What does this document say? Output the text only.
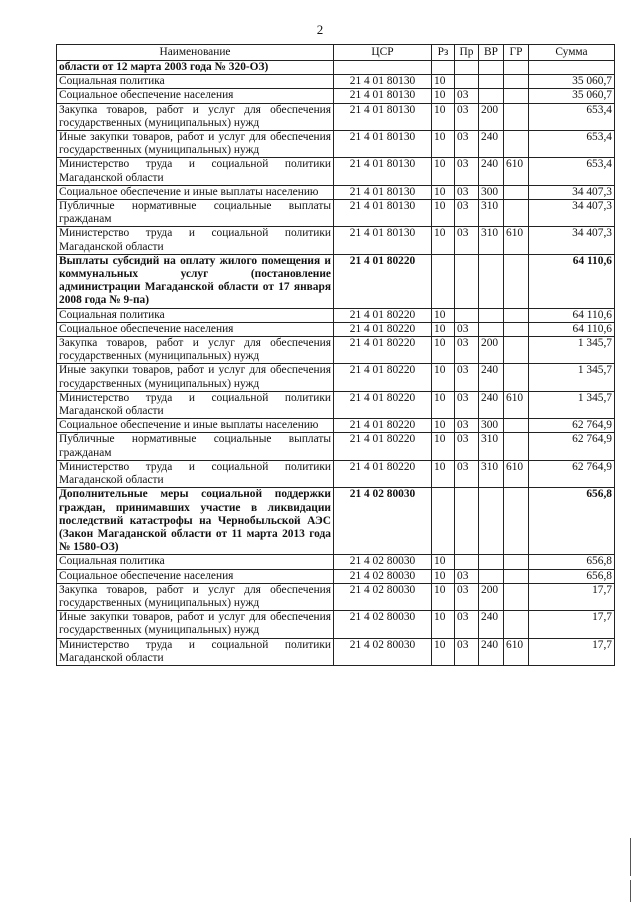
2
Наименование	ЦСР	Рз	Пр	ВР	ГР	Сумма
области от 12 марта 2003 года № 320-ОЗ)						
Социальная политика	21 4 01 80130	10				35 060,7
Социальное обеспечение населения	21 4 01 80130	10	03			35 060,7
Закупка товаров, работ и услуг для обеспечения государственных (муниципальных) нужд	21 4 01 80130	10	03	200		653,4
Иные закупки товаров, работ и услуг для обеспечения государственных (муниципальных) нужд	21 4 01 80130	10	03	240		653,4
Министерство труда и социальной политики Магаданской области	21 4 01 80130	10	03	240	610	653,4
Социальное обеспечение и иные выплаты населению	21 4 01 80130	10	03	300		34 407,3
Публичные нормативные социальные выплаты гражданам	21 4 01 80130	10	03	310		34 407,3
Министерство труда и социальной политики Магаданской области	21 4 01 80130	10	03	310	610	34 407,3
Выплаты субсидий на оплату жилого помещения и коммунальных услуг (постановление администрации Магаданской области от 17 января 2008 года № 9-па)	21 4 01 80220					64 110,6
Социальная политика	21 4 01 80220	10				64 110,6
Социальное обеспечение населения	21 4 01 80220	10	03			64 110,6
Закупка товаров, работ и услуг для обеспечения государственных (муниципальных) нужд	21 4 01 80220	10	03	200		1 345,7
Иные закупки товаров, работ и услуг для обеспечения государственных (муниципальных) нужд	21 4 01 80220	10	03	240		1 345,7
Министерство труда и социальной политики Магаданской области	21 4 01 80220	10	03	240	610	1 345,7
Социальное обеспечение и иные выплаты населению	21 4 01 80220	10	03	300		62 764,9
Публичные нормативные социальные выплаты гражданам	21 4 01 80220	10	03	310		62 764,9
Министерство труда и социальной политики Магаданской области	21 4 01 80220	10	03	310	610	62 764,9
Дополнительные меры социальной поддержки граждан, принимавших участие в ликвидации последствий катастрофы на Чернобыльской АЭС (Закон Магаданской области от 11 марта 2013 года № 1580-ОЗ)	21 4 02 80030					656,8
Социальная политика	21 4 02 80030	10				656,8
Социальное обеспечение населения	21 4 02 80030	10	03			656,8
Закупка товаров, работ и услуг для обеспечения государственных (муниципальных) нужд	21 4 02 80030	10	03	200		17,7
Иные закупки товаров, работ и услуг для обеспечения государственных (муниципальных) нужд	21 4 02 80030	10	03	240		17,7
Министерство труда и социальной политики Магаданской области	21 4 02 80030	10	03	240	610	17,7
